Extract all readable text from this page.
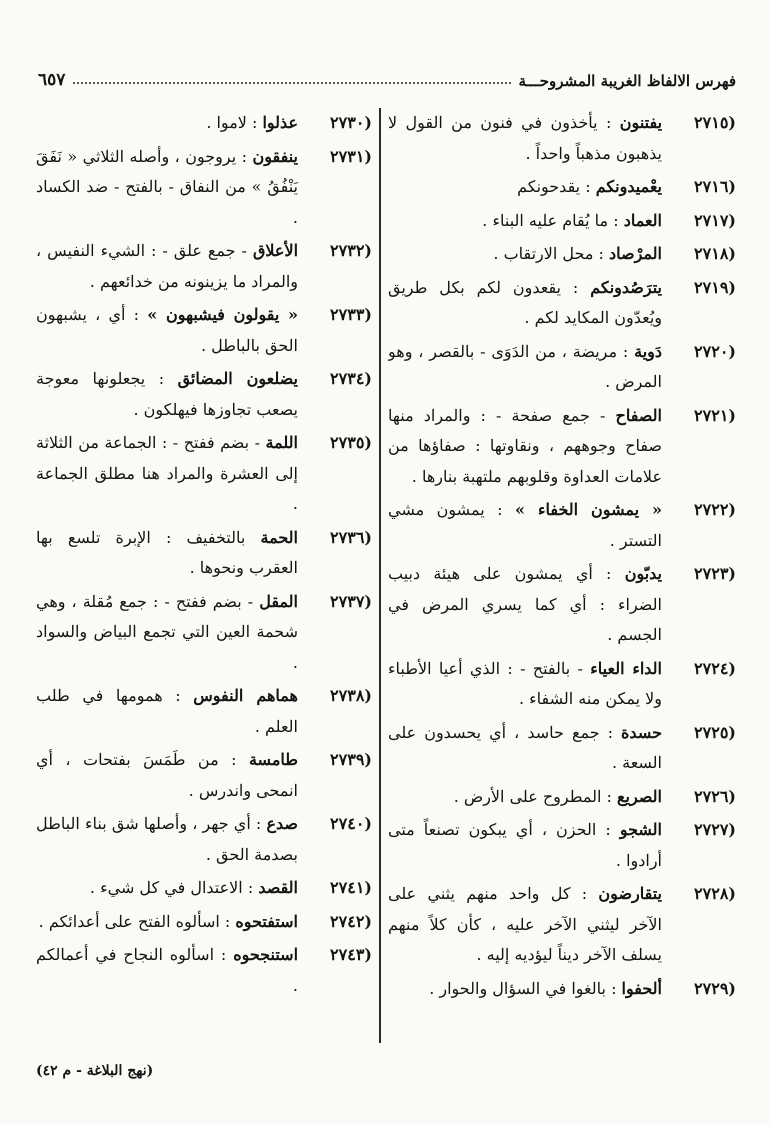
فهرس الالفاظ الغريبة المشروحـــة
٦٥٧
(٢٧١٥
يفتنون : يأخذون في فنون من القول لا يذهبون مذهباً واحداً .
(٢٧١٦
يعْميدونكم : يقدحونكم
(٢٧١٧
العماد : ما يُقام عليه البناء .
(٢٧١٨
المرْصاد : محل الارتقاب .
(٢٧١٩
يترَصُدونكم : يقعدون لكم بكل طريق ويُعدّون المكايد لكم .
(٢٧٢٠
دَوية : مريضة ، من الدَوَى - بالقصر ، وهو المرض .
(٢٧٢١
الصفاح - جمع صفحة - : والمراد منها صفاح وجوههم ، ونقاوتها : صفاؤها من علامات العداوة وقلوبهم ملتهبة بنارها .
(٢٧٢٢
« يمشون الخفاء » : يمشون مشي التستر .
(٢٧٢٣
يدبّون : أي يمشون على هيئة دبيب الضراء : أي كما يسري المرض في الجسم .
(٢٧٢٤
الداء العياء - بالفتح - : الذي أعيا الأطباء ولا يمكن منه الشفاء .
(٢٧٢٥
حسدة : جمع حاسد ، أي يحسدون على السعة .
(٢٧٢٦
الصريع : المطروح على الأرض .
(٢٧٢٧
الشجو : الحزن ، أي يبكون تصنعاً متى أرادوا .
(٢٧٢٨
يتقارضون : كل واحد منهم يثني على الآخر ليثني الآخر عليه ، كأن كلاً منهم يسلف الآخر ديناً ليؤديه إليه .
(٢٧٢٩
ألحفوا : بالغوا في السؤال والحوار .
(٢٧٣٠
عذلوا : لاموا .
(٢٧٣١
ينفقون : يروجون ، وأصله الثلاثي « نَفَقَ يَنْفُقُ » من النفاق - بالفتح - ضد الكساد .
(٢٧٣٢
الأعلاق - جمع علق - : الشيء النفيس ، والمراد ما يزينونه من خدائعهم .
(٢٧٣٣
« يقولون فيشبهون » : أي ، يشبهون الحق بالباطل .
(٢٧٣٤
يضلعون المضائق : يجعلونها معوجة يصعب تجاوزها فيهلكون .
(٢٧٣٥
اللمة - بضم ففتح - : الجماعة من الثلاثة إلى العشرة والمراد هنا مطلق الجماعة .
(٢٧٣٦
الحمة بالتخفيف : الإبرة تلسع بها العقرب ونحوها .
(٢٧٣٧
المقل - بضم ففتح - : جمع مُقلة ، وهي شحمة العين التي تجمع البياض والسواد .
(٢٧٣٨
هماهم النفوس : همومها في طلب العلم .
(٢٧٣٩
طامسة : من طَمَسَ بفتحات ، أي انمحى واندرس .
(٢٧٤٠
صدع : أي جهر ، وأصلها شق بناء الباطل بصدمة الحق .
(٢٧٤١
القصد : الاعتدال في كل شيء .
(٢٧٤٢
استفتحوه : اسألوه الفتح على أعدائكم .
(٢٧٤٣
استنجحوه : اسألوه النجاح في أعمالكم .
(نهج البلاغة - م ٤٢)
